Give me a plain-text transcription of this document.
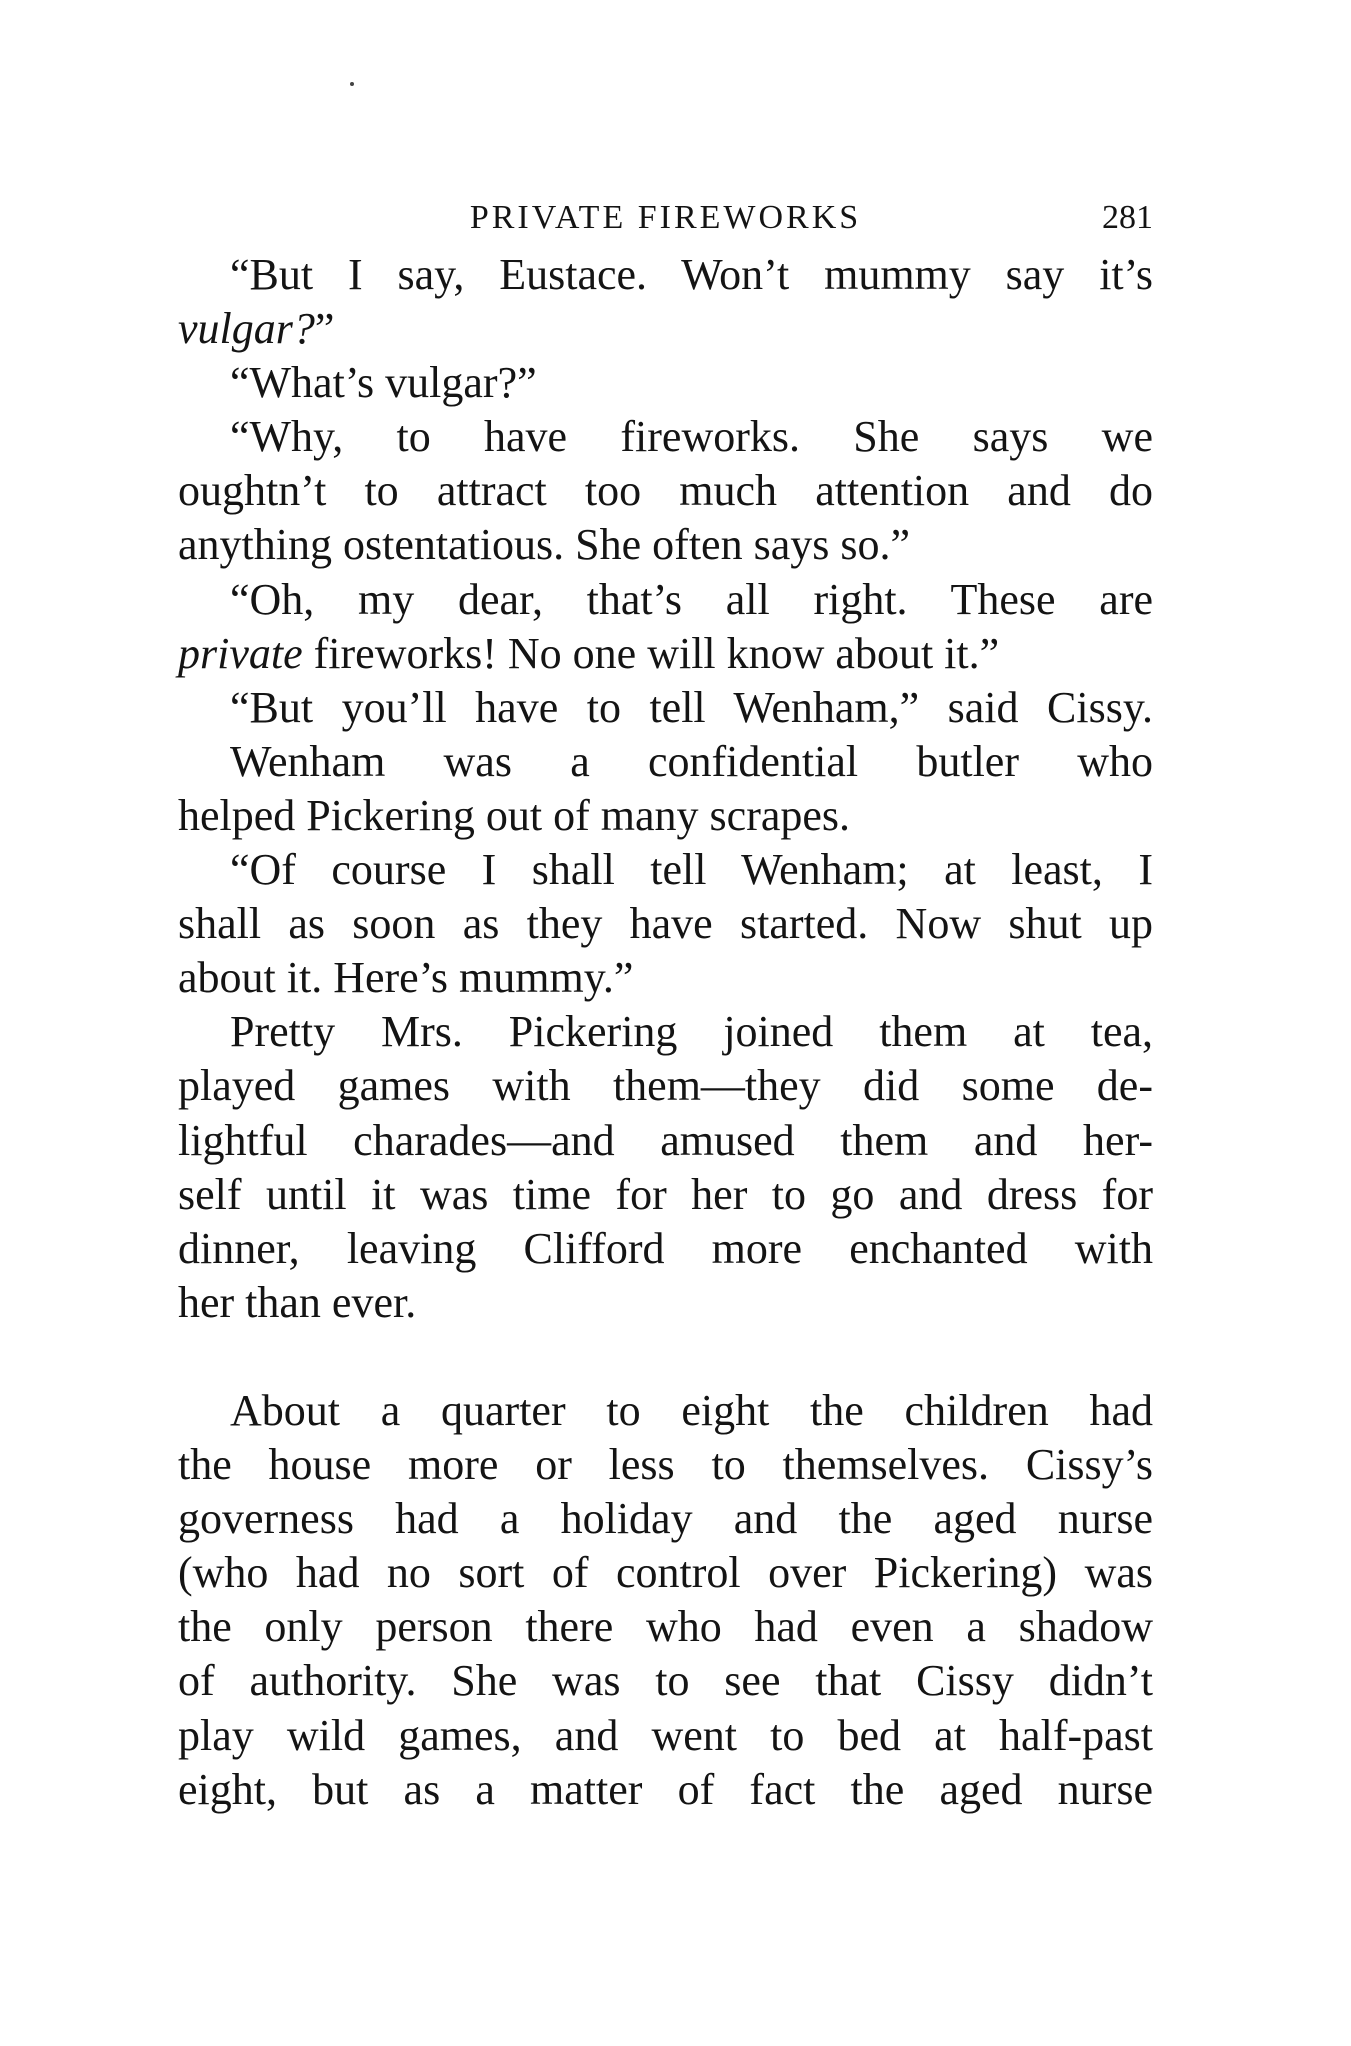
PRIVATE FIREWORKS	281
“But I say, Eustace. Won’t mummy say it’s
vulgar?”
“What’s vulgar?”
“Why, to have fireworks. She says we
oughtn’t to attract too much attention and do
anything ostentatious. She often says so.”
“Oh, my dear, that’s all right. These are
private fireworks! No one will know about it.”
“But you’ll have to tell Wenham,” said Cissy.
Wenham was a confidential butler who
helped Pickering out of many scrapes.
“Of course I shall tell Wenham; at least, I
shall as soon as they have started. Now shut up
about it. Here’s mummy.”
Pretty Mrs. Pickering joined them at tea,
played games with them—they did some de-
lightful charades—and amused them and her-
self until it was time for her to go and dress for
dinner, leaving Clifford more enchanted with
her than ever.
About a quarter to eight the children had
the house more or less to themselves. Cissy’s
governess had a holiday and the aged nurse
(who had no sort of control over Pickering) was
the only person there who had even a shadow
of authority. She was to see that Cissy didn’t
play wild games, and went to bed at half-past
eight, but as a matter of fact the aged nurse
